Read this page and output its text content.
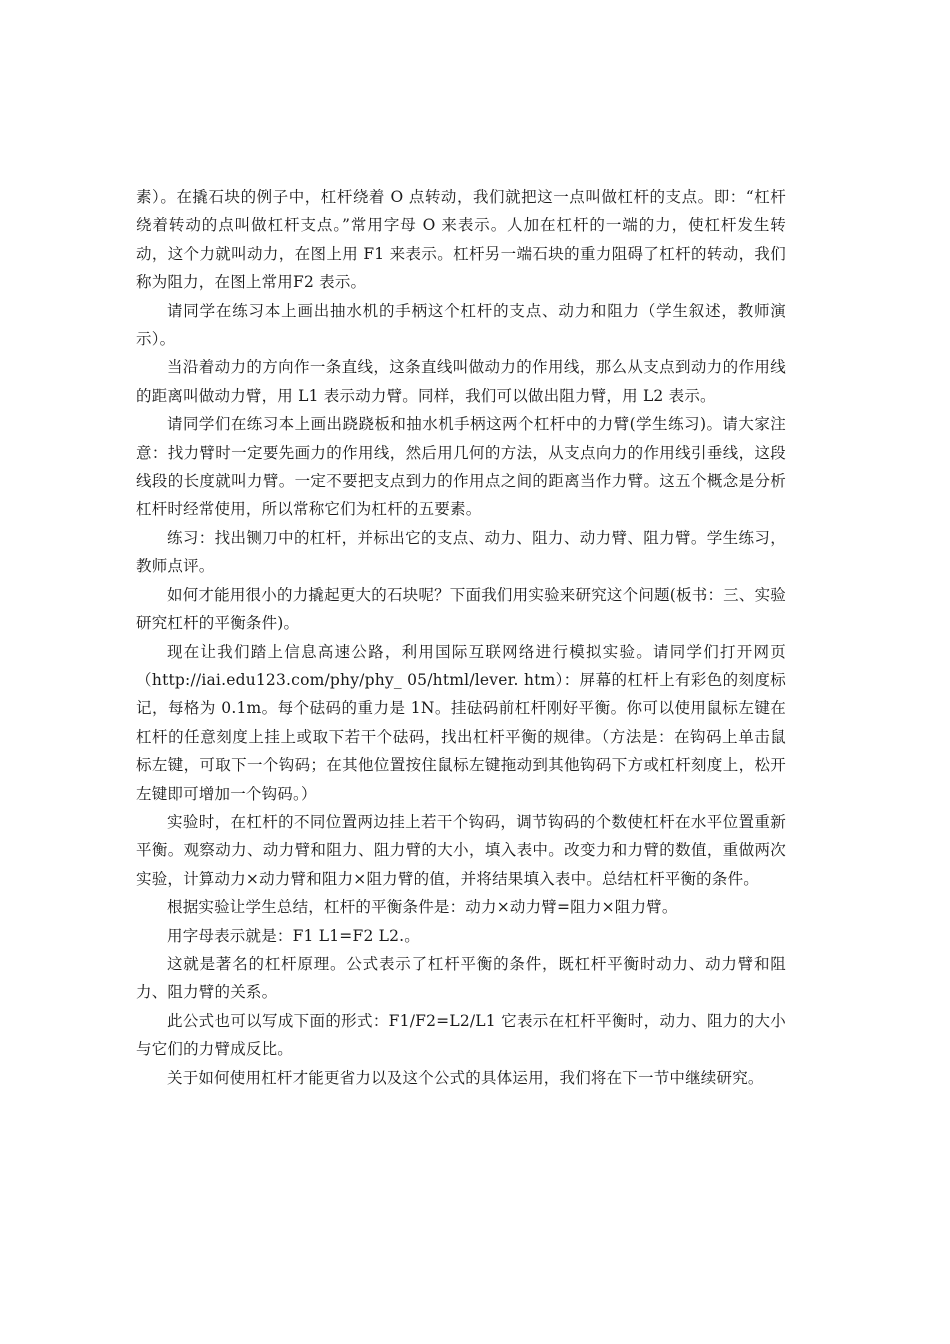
素）。在撬石块的例子中，杠杆绕着 O 点转动，我们就把这一点叫做杠杆的支点。即：“杠杆绕着转动的点叫做杠杆支点。”常用字母 O 来表示。人加在杠杆的一端的力，使杠杆发生转动，这个力就叫动力，在图上用 F1 来表示。杠杆另一端石块的重力阻碍了杠杆的转动，我们称为阻力，在图上常用F2 表示。

请同学在练习本上画出抽水机的手柄这个杠杆的支点、动力和阻力（学生叙述，教师演示）。

当沿着动力的方向作一条直线，这条直线叫做动力的作用线，那么从支点到动力的作用线的距离叫做动力臂，用 L1 表示动力臂。同样，我们可以做出阻力臂，用 L2 表示。

请同学们在练习本上画出跷跷板和抽水机手柄这两个杠杆中的力臂(学生练习)。请大家注意：找力臂时一定要先画力的作用线，然后用几何的方法，从支点向力的作用线引垂线，这段线段的长度就叫力臂。一定不要把支点到力的作用点之间的距离当作力臂。这五个概念是分析杠杆时经常使用，所以常称它们为杠杆的五要素。

练习：找出铡刀中的杠杆，并标出它的支点、动力、阻力、动力臂、阻力臂。学生练习，教师点评。

如何才能用很小的力撬起更大的石块呢？下面我们用实验来研究这个问题(板书：三、实验研究杠杆的平衡条件)。

现在让我们踏上信息高速公路，利用国际互联网络进行模拟实验。请同学们打开网页（http://iai.edu123.com/phy/phy_ 05/html/lever. htm）：屏幕的杠杆上有彩色的刻度标记，每格为 0.1m。每个砝码的重力是 1N。挂砝码前杠杆刚好平衡。你可以使用鼠标左键在杠杆的任意刻度上挂上或取下若干个砝码，找出杠杆平衡的规律。（方法是：在钩码上单击鼠标左键，可取下一个钩码；在其他位置按住鼠标左键拖动到其他钩码下方或杠杆刻度上，松开左键即可增加一个钩码。）

实验时，在杠杆的不同位置两边挂上若干个钩码，调节钩码的个数使杠杆在水平位置重新平衡。观察动力、动力臂和阻力、阻力臂的大小，填入表中。改变力和力臂的数值，重做两次实验，计算动力×动力臂和阻力×阻力臂的值，并将结果填入表中。总结杠杆平衡的条件。

根据实验让学生总结，杠杆的平衡条件是：动力×动力臂=阻力×阻力臂。

用字母表示就是：F1 L1=F2 L2.。

这就是著名的杠杆原理。公式表示了杠杆平衡的条件，既杠杆平衡时动力、动力臂和阻力、阻力臂的关系。

此公式也可以写成下面的形式：F1/F2=L2/L1 它表示在杠杆平衡时，动力、阻力的大小与它们的力臂成反比。

关于如何使用杠杆才能更省力以及这个公式的具体运用，我们将在下一节中继续研究。
